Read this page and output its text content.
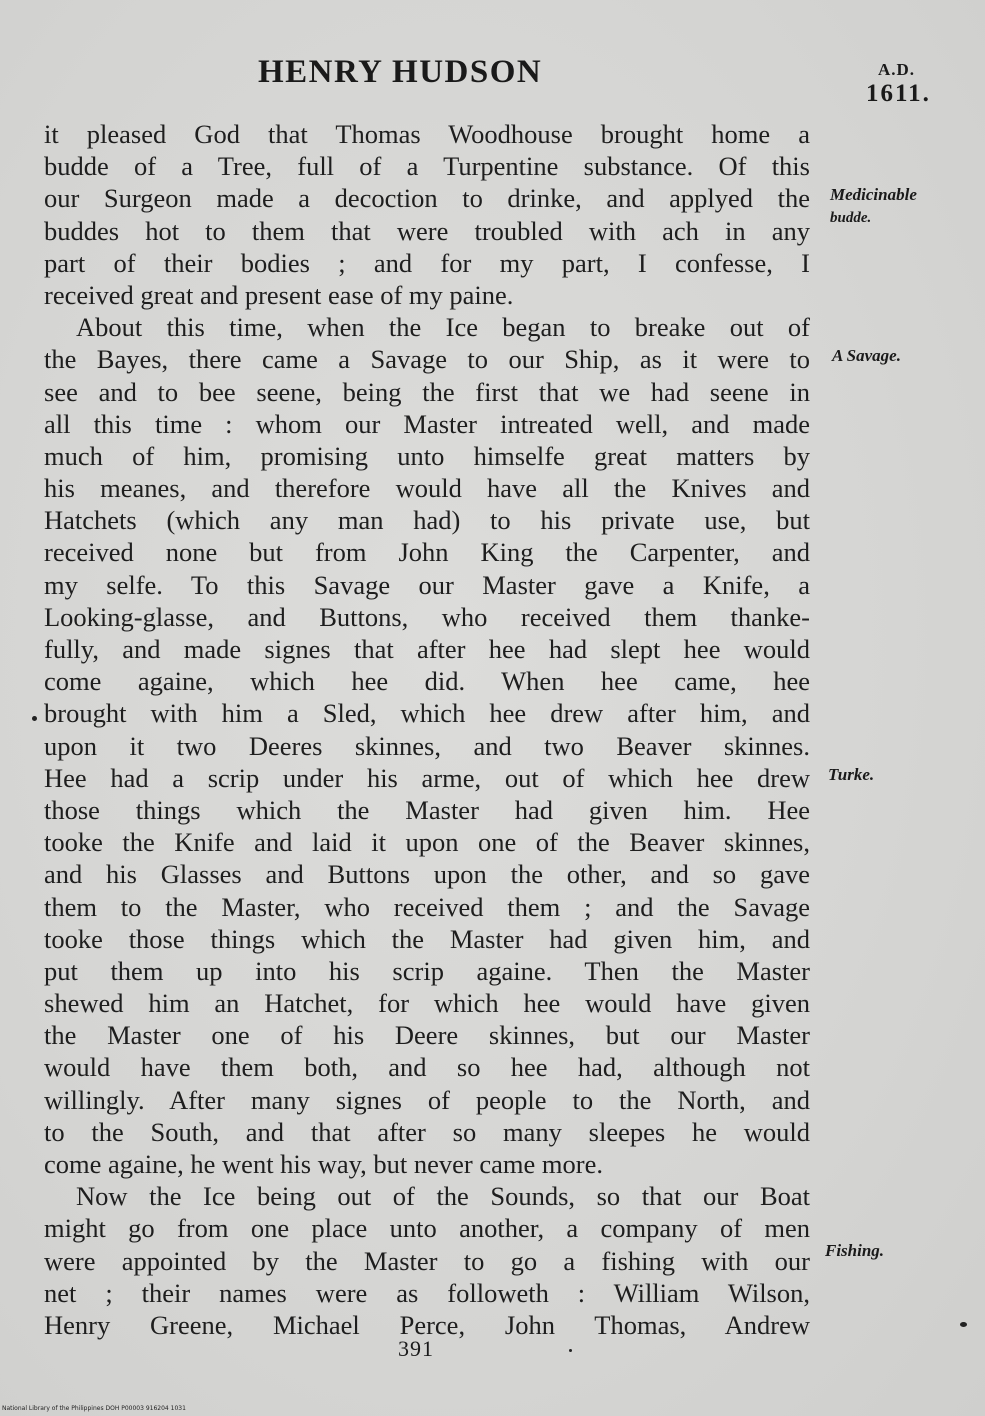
HENRY HUDSON	A.D.
1611.
it pleased God that Thomas Woodhouse brought home a
budde of a Tree, full of a Turpentine substance. Of this
our Surgeon made a decoction to drinke, and applyed the
buddes hot to them that were troubled with ach in any
part of their bodies ; and for my part, I confesse, I
received great and present ease of my paine.
About this time, when the Ice began to breake out of
the Bayes, there came a Savage to our Ship, as it were to
see and to bee seene, being the first that we had seene in
all this time : whom our Master intreated well, and made
much of him, promising unto himselfe great matters by
his meanes, and therefore would have all the Knives and
Hatchets (which any man had) to his private use, but
received none but from John King the Carpenter, and
my selfe. To this Savage our Master gave a Knife, a
Looking-glasse, and Buttons, who received them thanke-
fully, and made signes that after hee had slept hee would
come againe, which hee did. When hee came, hee
brought with him a Sled, which hee drew after him, and
upon it two Deeres skinnes, and two Beaver skinnes.
Hee had a scrip under his arme, out of which hee drew
those things which the Master had given him. Hee
tooke the Knife and laid it upon one of the Beaver skinnes,
and his Glasses and Buttons upon the other, and so gave
them to the Master, who received them ; and the Savage
tooke those things which the Master had given him, and
put them up into his scrip againe. Then the Master
shewed him an Hatchet, for which hee would have given
the Master one of his Deere skinnes, but our Master
would have them both, and so hee had, although not
willingly. After many signes of people to the North, and
to the South, and that after so many sleepes he would
come againe, he went his way, but never came more.
Now the Ice being out of the Sounds, so that our Boat
might go from one place unto another, a company of men
were appointed by the Master to go a fishing with our
net ; their names were as followeth : William Wilson,
Henry Greene, Michael Perce, John Thomas, Andrew
Medicinable
budde.
A Savage.
Turke.
Fishing.
391
National Library of the Philippines DOH P00003 916204 1031
